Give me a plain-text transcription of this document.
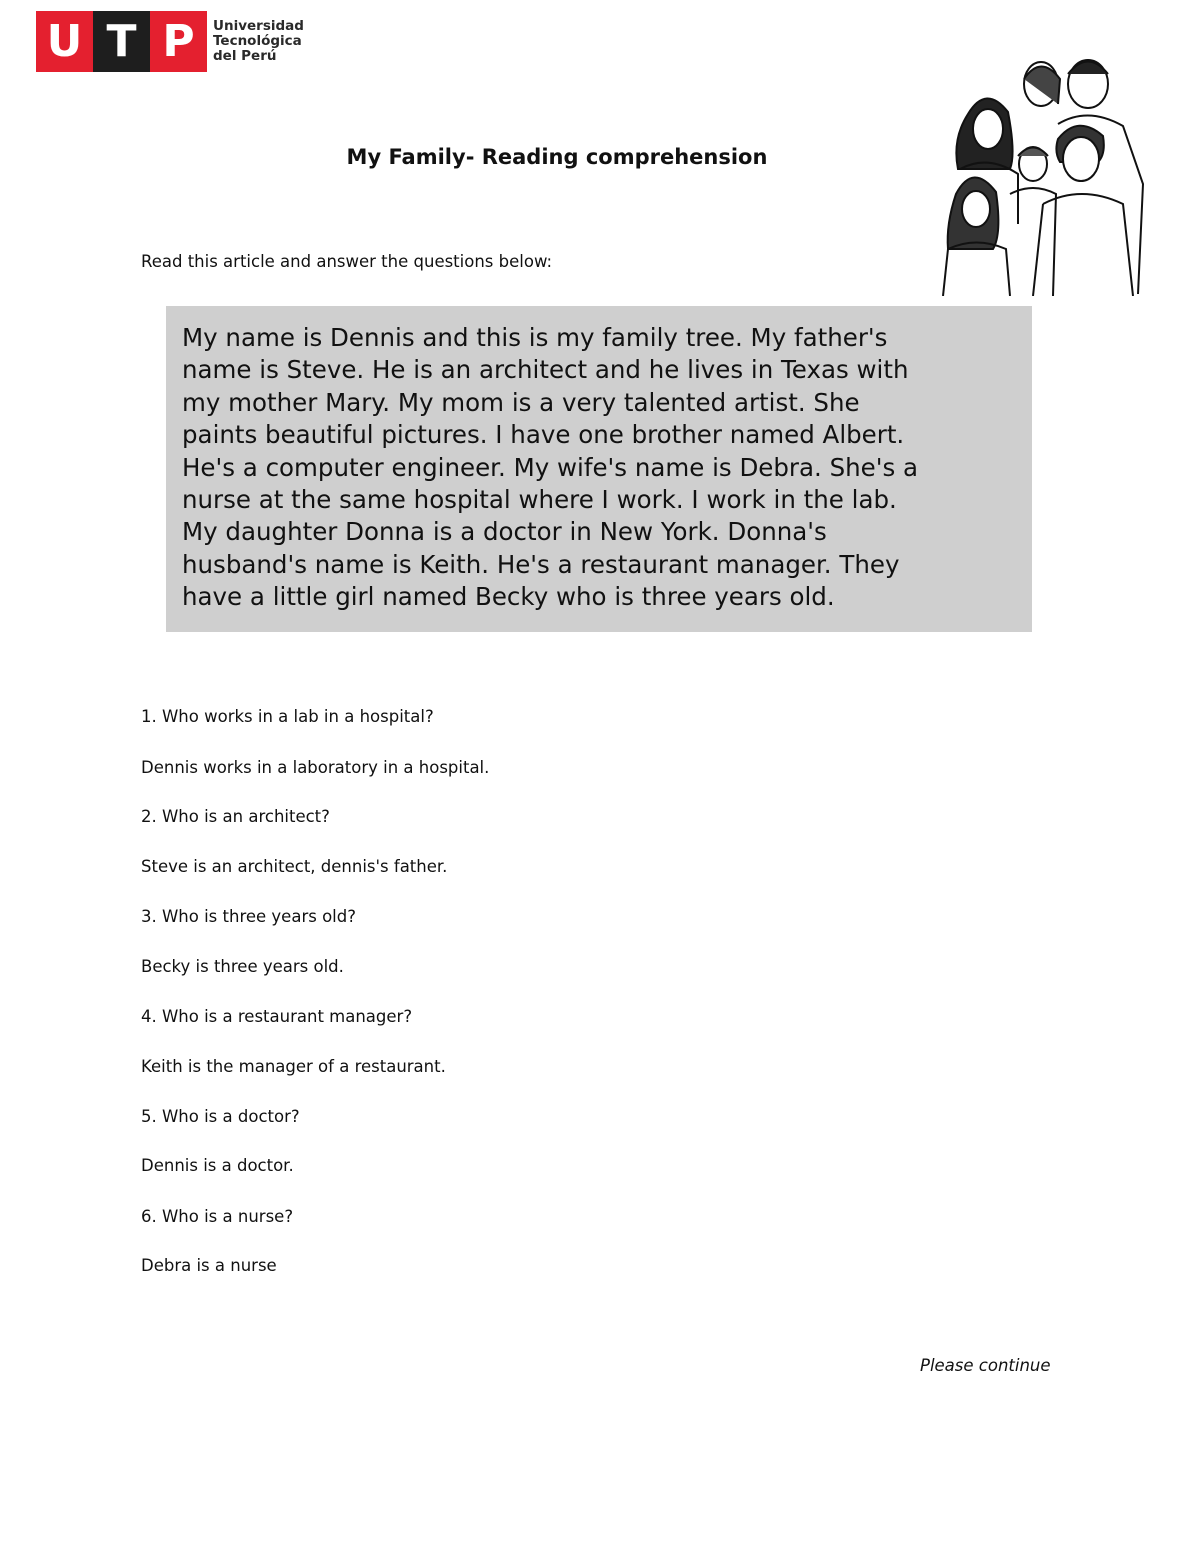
U T P	Universidad
Tecnológica
del Perú
My Family- Reading comprehension
Read this article and answer the questions below:
My name is Dennis and this is my family tree. My father's
name is Steve. He is an architect and he lives in Texas with
my mother Mary. My mom is a very talented artist. She
paints beautiful pictures. I have one brother named Albert.
He's a computer engineer. My wife's name is Debra. She's a
nurse at the same hospital where I work. I work in the lab.
My daughter Donna is a doctor in New York. Donna's
husband's name is Keith. He's a restaurant manager. They
have a little girl named Becky who is three years old.
1. Who works in a lab in a hospital?
Dennis works in a laboratory in a hospital.
2. Who is an architect?
Steve is an architect, dennis's father.
3. Who is three years old?
Becky is three years old.
4. Who is a restaurant manager?
Keith is the manager of a restaurant.
5. Who is a doctor?
Dennis is a doctor.
6. Who is a nurse?
Debra is a nurse
Please continue
